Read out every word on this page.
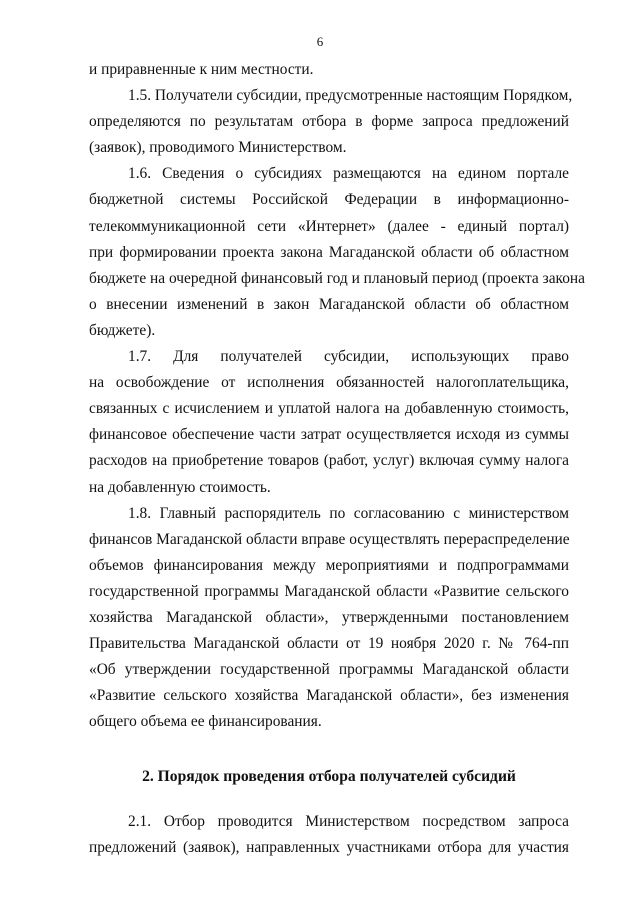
6
и приравненные к ним местности.
1.5. Получатели субсидии, предусмотренные настоящим Порядком,
определяются по результатам отбора в форме запроса предложений
(заявок), проводимого Министерством.
1.6. Сведения о субсидиях размещаются на едином портале
бюджетной системы Российской Федерации в информационно-
телекоммуникационной сети «Интернет» (далее - единый портал)
при формировании проекта закона Магаданской области об областном
бюджете на очередной финансовый год и плановый период (проекта закона
о внесении изменений в закон Магаданской области об областном
бюджете).
1.7. Для получателей субсидии, использующих право
на освобождение от исполнения обязанностей налогоплательщика,
связанных с исчислением и уплатой налога на добавленную стоимость,
финансовое обеспечение части затрат осуществляется исходя из суммы
расходов на приобретение товаров (работ, услуг) включая сумму налога
на добавленную стоимость.
1.8. Главный распорядитель по согласованию с министерством
финансов Магаданской области вправе осуществлять перераспределение
объемов финансирования между мероприятиями и подпрограммами
государственной программы Магаданской области «Развитие сельского
хозяйства Магаданской области», утвержденными постановлением
Правительства Магаданской области от 19 ноября 2020 г. № 764-пп
«Об утверждении государственной программы Магаданской области
«Развитие сельского хозяйства Магаданской области», без изменения
общего объема ее финансирования.
2. Порядок проведения отбора получателей субсидий
2.1. Отбор проводится Министерством посредством запроса
предложений (заявок), направленных участниками отбора для участия
